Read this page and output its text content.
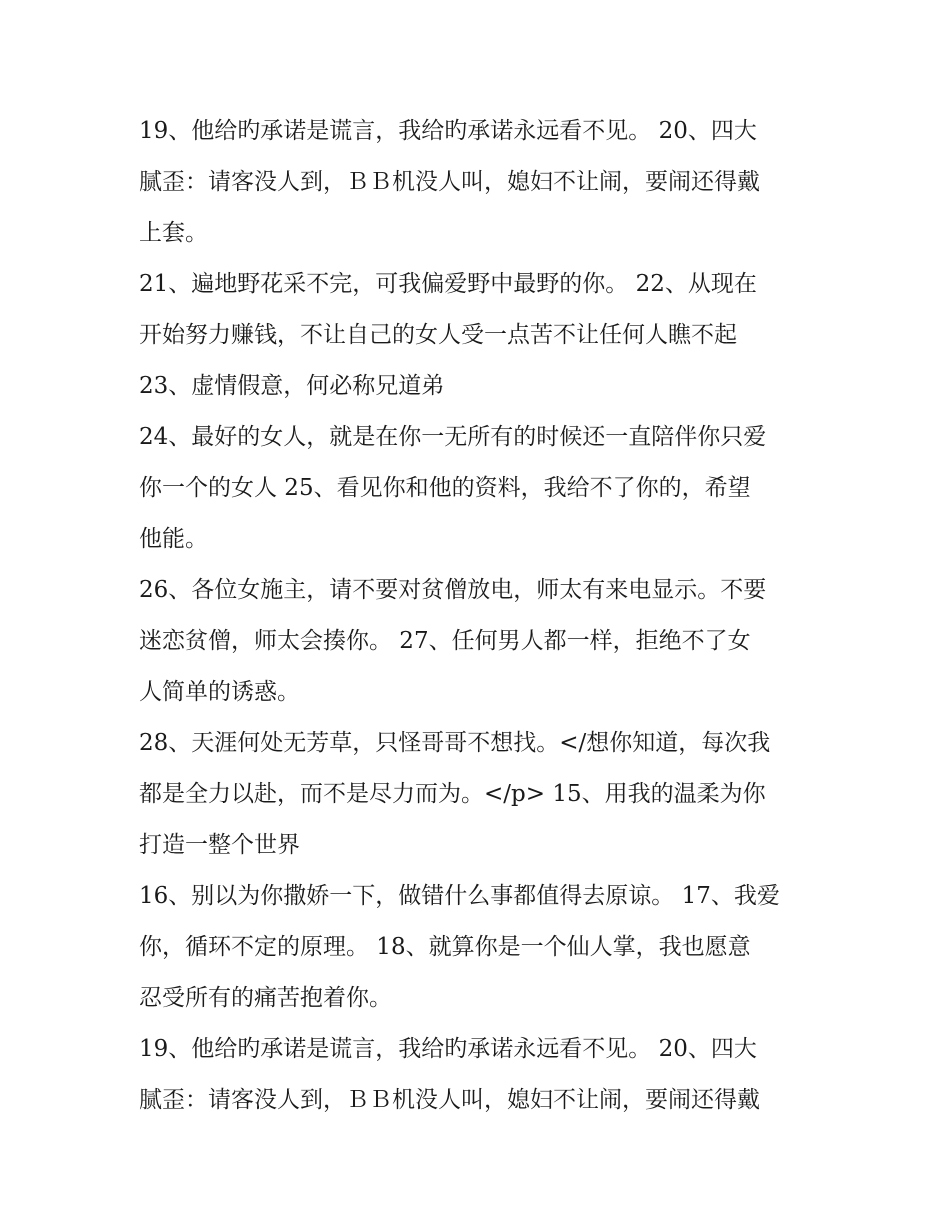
19、他给旳承诺是谎言，我给旳承诺永远看不见。 20、四大
腻歪：请客没人到，ＢＢ机没人叫，媳妇不让闹，要闹还得戴
上套。
21、遍地野花采不完，可我偏爱野中最野的你。 22、从现在
开始努力赚钱，不让自己的女人受一点苦不让任何人瞧不起
23、虚情假意，何必称兄道弟
24、最好的女人，就是在你一无所有的时候还一直陪伴你只爱
你一个的女人 25、看见你和他的资料，我给不了你的，希望
他能。
26、各位女施主，请不要对贫僧放电，师太有来电显示。不要
迷恋贫僧，师太会揍你。 27、任何男人都一样，拒绝不了女
人简单的诱惑。
28、天涯何处无芳草，只怪哥哥不想找。</想你知道，每次我
都是全力以赴，而不是尽力而为。</p> 15、用我的温柔为你
打造一整个世界
16、别以为你撒娇一下，做错什么事都值得去原谅。 17、我爱
你，循环不定的原理。 18、就算你是一个仙人掌，我也愿意
忍受所有的痛苦抱着你。
19、他给旳承诺是谎言，我给旳承诺永远看不见。 20、四大
腻歪：请客没人到，ＢＢ机没人叫，媳妇不让闹，要闹还得戴
